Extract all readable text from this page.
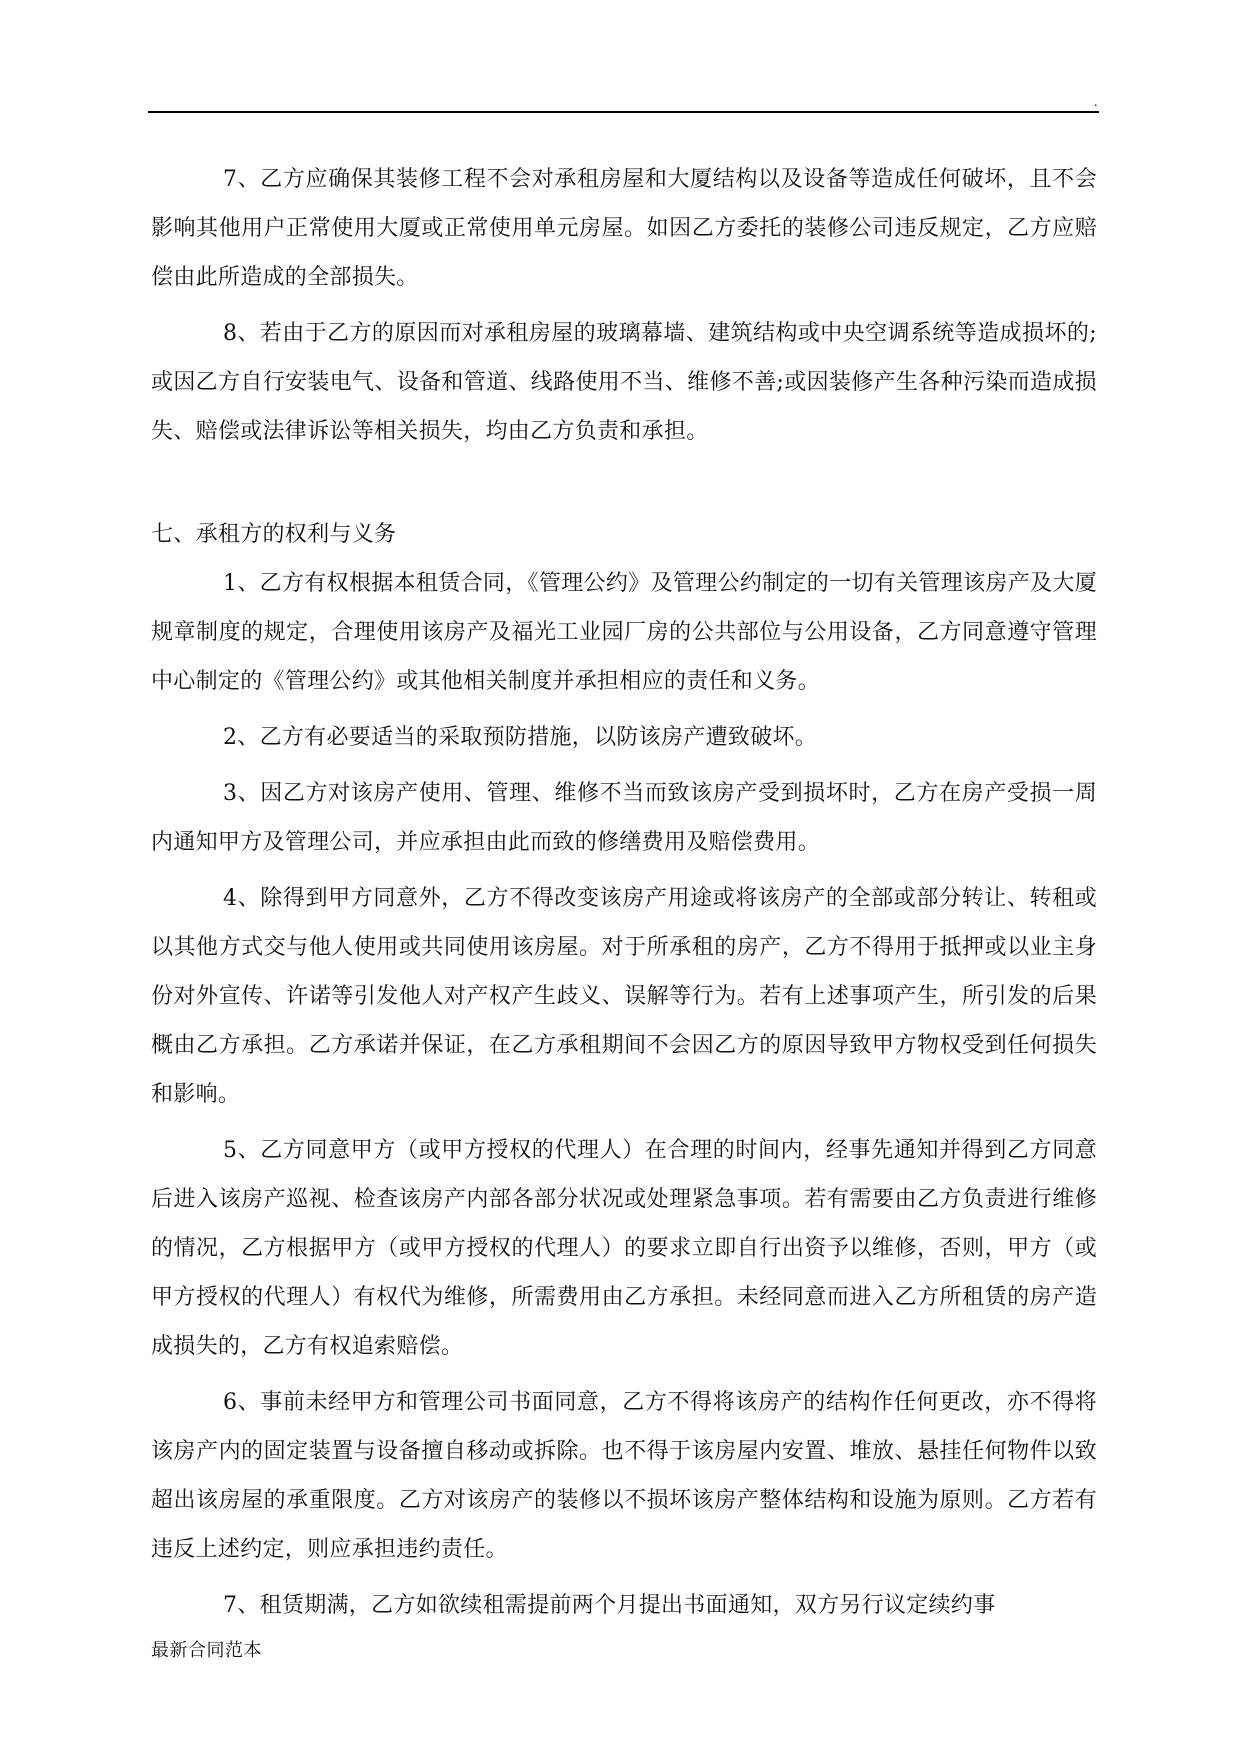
.

7、乙方应确保其装修工程不会对承租房屋和大厦结构以及设备等造成任何破坏，且不会影响其他用户正常使用大厦或正常使用单元房屋。如因乙方委托的装修公司违反规定，乙方应赔偿由此所造成的全部损失。

8、若由于乙方的原因而对承租房屋的玻璃幕墙、建筑结构或中央空调系统等造成损坏的;或因乙方自行安装电气、设备和管道、线路使用不当、维修不善;或因装修产生各种污染而造成损失、赔偿或法律诉讼等相关损失，均由乙方负责和承担。

七、承租方的权利与义务

1、乙方有权根据本租赁合同，《管理公约》及管理公约制定的一切有关管理该房产及大厦规章制度的规定，合理使用该房产及福光工业园厂房的公共部位与公用设备，乙方同意遵守管理中心制定的《管理公约》或其他相关制度并承担相应的责任和义务。

2、乙方有必要适当的采取预防措施，以防该房产遭致破坏。

3、因乙方对该房产使用、管理、维修不当而致该房产受到损坏时，乙方在房产受损一周内通知甲方及管理公司，并应承担由此而致的修缮费用及赔偿费用。

4、除得到甲方同意外，乙方不得改变该房产用途或将该房产的全部或部分转让、转租或以其他方式交与他人使用或共同使用该房屋。对于所承租的房产，乙方不得用于抵押或以业主身份对外宣传、许诺等引发他人对产权产生歧义、误解等行为。若有上述事项产生，所引发的后果概由乙方承担。乙方承诺并保证，在乙方承租期间不会因乙方的原因导致甲方物权受到任何损失和影响。

5、乙方同意甲方（或甲方授权的代理人）在合理的时间内，经事先通知并得到乙方同意后进入该房产巡视、检查该房产内部各部分状况或处理紧急事项。若有需要由乙方负责进行维修的情况，乙方根据甲方（或甲方授权的代理人）的要求立即自行出资予以维修，否则，甲方（或甲方授权的代理人）有权代为维修，所需费用由乙方承担。未经同意而进入乙方所租赁的房产造成损失的，乙方有权追索赔偿。

6、事前未经甲方和管理公司书面同意，乙方不得将该房产的结构作任何更改，亦不得将该房产内的固定装置与设备擅自移动或拆除。也不得于该房屋内安置、堆放、悬挂任何物件以致超出该房屋的承重限度。乙方对该房产的装修以不损坏该房产整体结构和设施为原则。乙方若有违反上述约定，则应承担违约责任。

7、租赁期满，乙方如欲续租需提前两个月提出书面通知，双方另行议定续约事

最新合同范本
